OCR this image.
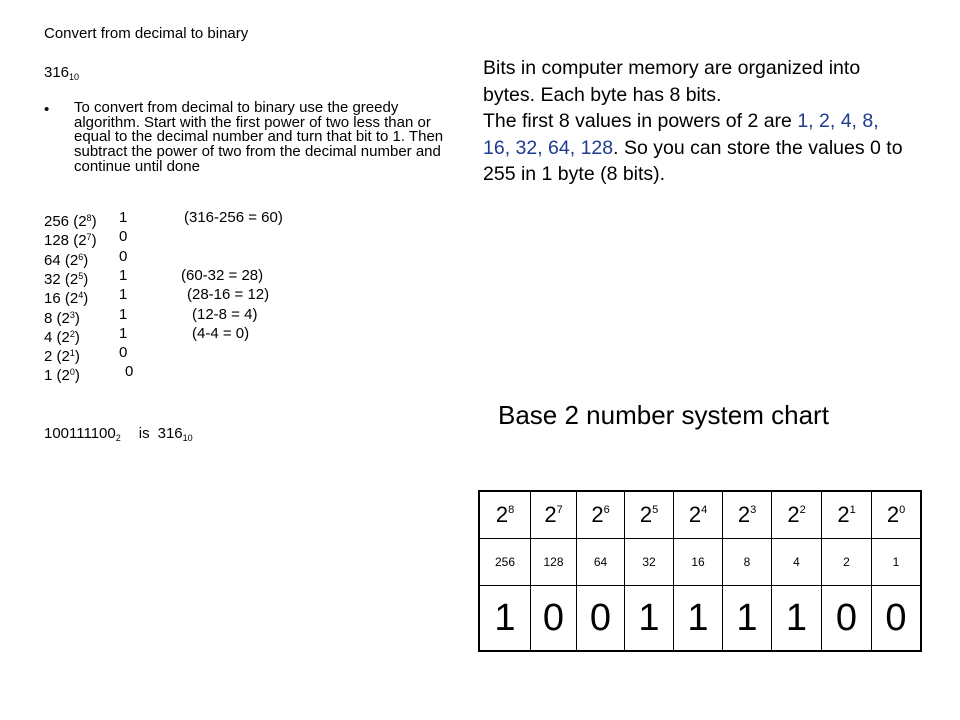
Convert from decimal to binary
$316_{10}$
• To convert from decimal to binary use the greedy algorithm. Start with the first power of two less than or equal to the decimal number and turn that bit to 1. Then subtract the power of two from the decimal number and continue until done
256 $(2^8)$ 1	(316-256 = 60)
128 $(2^7)$ 0
64 $(2^6)$ 0
32 $(2^5)$ 1	(60-32 = 28)
16 $(2^4)$ 1	(28-16 = 12)
8 $(2^3)$	1	(12-8 = 4)
4 $(2^2)$	1	(4-4 = 0)
2 $(2^1)$	0
1 $(2^0)$	0
$100111100_2$ is $316_{10}$
Bits in computer memory are organized into bytes. Each byte has 8 bits.
The first 8 values in powers of 2 are 1, 2, 4, 8, 16, 32, 64, 128. So you can store the values 0 to 255 in 1 byte (8 bits).
Base 2 number system chart
$2^8$	$2^7$	$2^6$	$2^5$	$2^4$	$2^3$	$2^2$	$2^1$	$2^0$
256	128	64	32	16	8	4	2	1
1	0	0	1	1	1	1	0	0
